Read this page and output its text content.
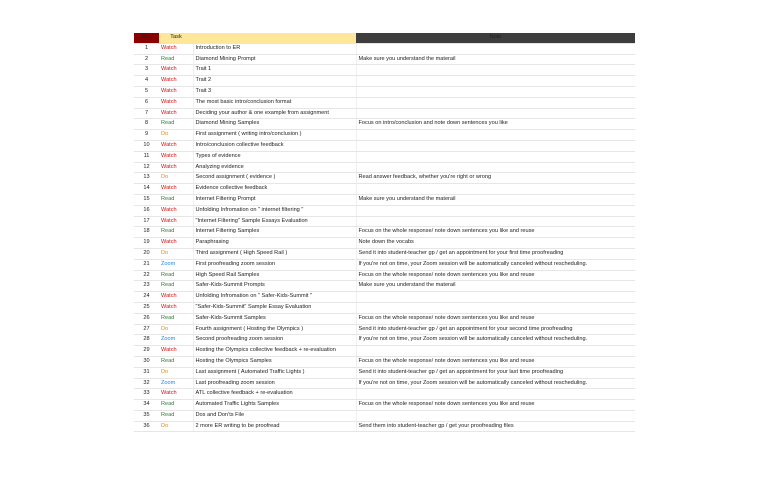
No.	Task		Note
1	Watch	Introduction to ER	
2	Read	Diamond Mining Prompt	Make sure you understand the materail
3	Watch	Trait 1	
4	Watch	Trait 2	
5	Watch	Trait 3	
6	Watch	The most basic intro/conclusion format	
7	Watch	Deciding your author & one example from assignment	
8	Read	Diamond Mining Samples	Focus on intro/conclusion and note down sentences you like
9	Do	First assignment ( writing intro/conclusion )	
10	Watch	Intro/conclusion collective feedback	
11	Watch	Types of evidence	
12	Watch	Analyzing evidence	
13	Do	Second assignment ( evidence )	Read answer feedback, whether you're right or wrong
14	Watch	Evidence collective feedback	
15	Read	Internet Filtering Prompt	Make sure you understand the materail
16	Watch	Unfolding Infromation on " internet filtering "	
17	Watch	"Internet Filtering" Sample Essays Evaluation	
18	Read	Internet Filtering Samples	Focus on the whole response/ note down sentences you like and reuse
19	Watch	Paraphrasing	Note down the vocabs
20	Do	Third assignment ( High Speed Rail )	Send it into student-teacher gp / get an appointment for your first time proofreading
21	Zoom	First proofreading zoom session	If you're not on time, your Zoom session will be automatically canceled without rescheduling.
22	Read	High Speed Rail Samples	Focus on the whole response/ note down sentences you like and reuse
23	Read	Safer-Kids-Summit Prompts	Make sure you understand the materail
24	Watch	Unfolding Infromation on " Safer-Kids-Summit "	
25	Watch	"Safer-Kids-Summit" Sample Essay Evaluation	
26	Read	Safer-Kids-Summit Samples	Focus on the whole response/ note down sentences you like and reuse
27	Do	Fourth assignment ( Hosting the Olympics )	Send it into student-teacher gp / get an appointment for your second time proofreading
28	Zoom	Second proofreading zoom session	If you're not on time, your Zoom session will be automatically canceled without rescheduling.
29	Watch	Hosting the Olympics collective feedback + re-evaluation	
30	Read	Hosting the Olympics Samples	Focus on the whole response/ note down sentences you like and reuse
31	Do	Last assignment ( Automated Traffic Lights )	Send it into student-teacher gp / get an appointment for your last time proofreading
32	Zoom	Last proofreading zoom session	If you're not on time, your Zoom session will be automatically canceled without rescheduling.
33	Watch	ATL collective feedback + re-evaluation	
34	Read	Automated Traffic Lights Samples	Focus on the whole response/ note down sentences you like and reuse
35	Read	Dos and Don'ts File	
36	Do	2 more ER writing to be proofread	Send them into student-teacher gp / get your proofreading files
